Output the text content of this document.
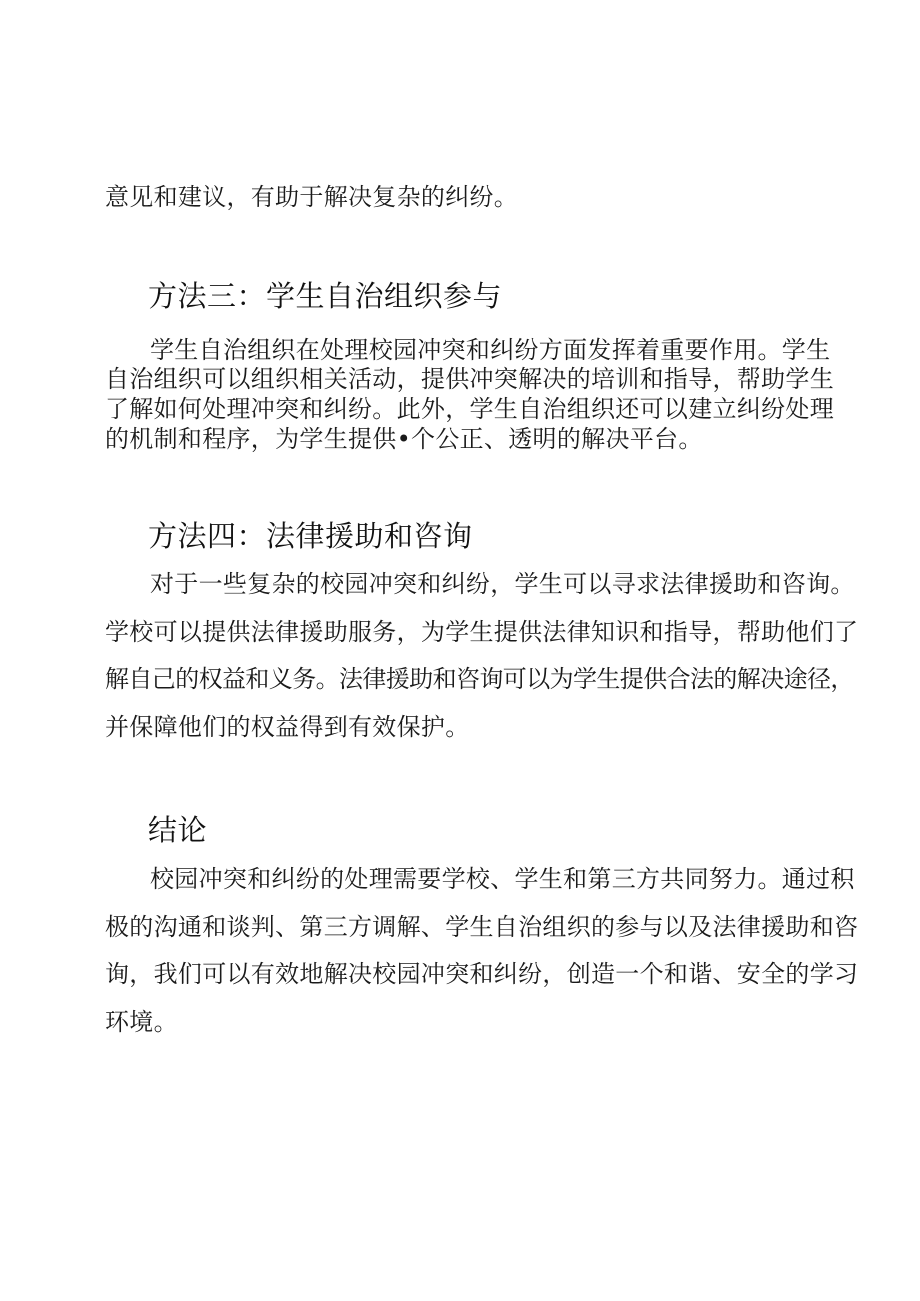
意见和建议，有助于解决复杂的纠纷。
方法三：学生自治组织参与
学生自治组织在处理校园冲突和纠纷方面发挥着重要作用。学生
自治组织可以组织相关活动，提供冲突解决的培训和指导，帮助学生
了解如何处理冲突和纠纷。此外，学生自治组织还可以建立纠纷处理
的机制和程序，为学生提供•个公正、透明的解决平台。
方法四：法律援助和咨询
对于一些复杂的校园冲突和纠纷，学生可以寻求法律援助和咨询。
学校可以提供法律援助服务，为学生提供法律知识和指导，帮助他们了
解自己的权益和义务。法律援助和咨询可以为学生提供合法的解决途径，
并保障他们的权益得到有效保护。
结论
校园冲突和纠纷的处理需要学校、学生和第三方共同努力。通过积
极的沟通和谈判、第三方调解、学生自治组织的参与以及法律援助和咨
询，我们可以有效地解决校园冲突和纠纷，创造一个和谐、安全的学习
环境。
